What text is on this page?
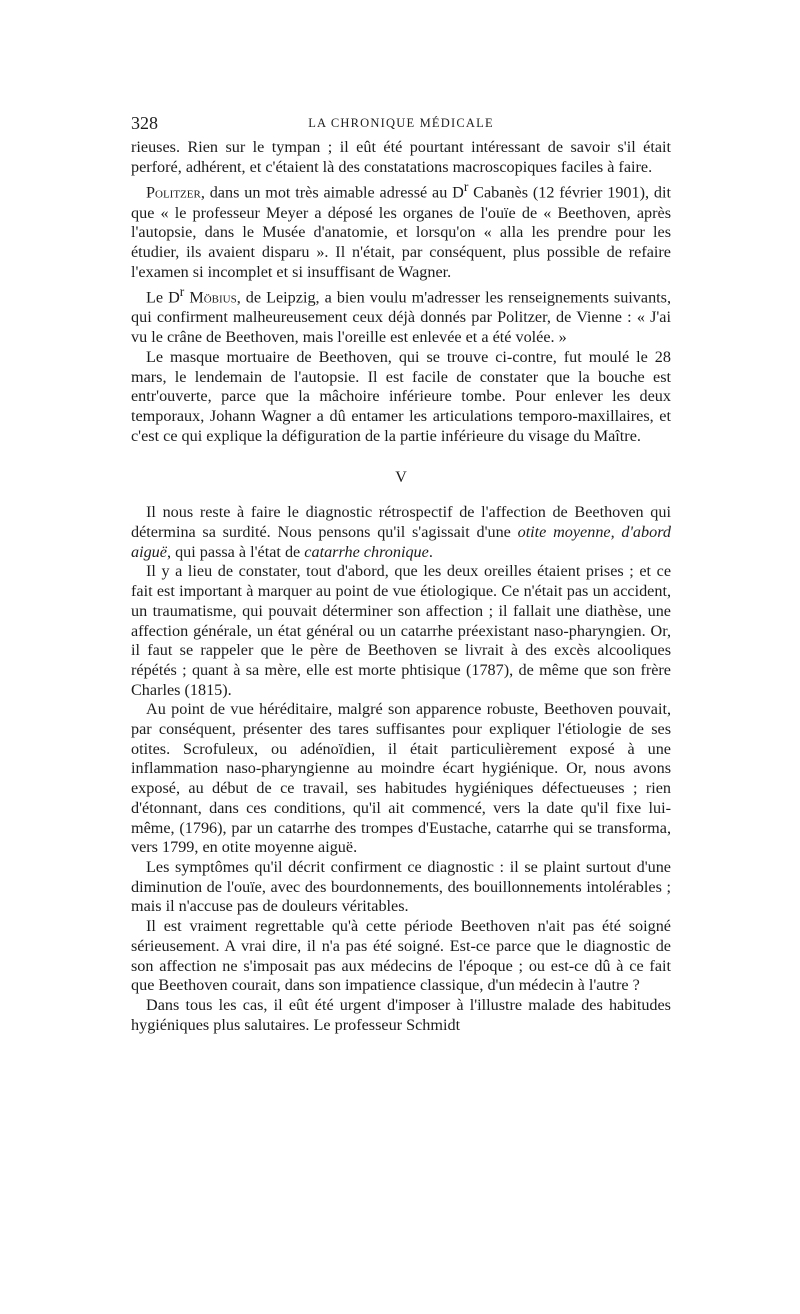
328	LA CHRONIQUE MÉDICALE

rieuses. Rien sur le tympan ; il eût été pourtant intéressant de savoir s'il était perforé, adhérent, et c'étaient là des constatations macroscopiques faciles à faire.

Politzer, dans un mot très aimable adressé au $D^r$ Cabanès (12 février 1901), dit que « le professeur Meyer a déposé les organes de l'ouïe de « Beethoven, après l'autopsie, dans le Musée d'anatomie, et lorsqu'on « alla les prendre pour les étudier, ils avaient disparu ». Il n'était, par conséquent, plus possible de refaire l'examen si incomplet et si insuffisant de Wagner.

Le $D^r$ Möbius, de Leipzig, a bien voulu m'adresser les renseignements suivants, qui confirment malheureusement ceux déjà donnés par Politzer, de Vienne : « J'ai vu le crâne de Beethoven, mais l'oreille est enlevée et a été volée. »

Le masque mortuaire de Beethoven, qui se trouve ci-contre, fut moulé le 28 mars, le lendemain de l'autopsie. Il est facile de constater que la bouche est entr'ouverte, parce que la mâchoire inférieure tombe. Pour enlever les deux temporaux, Johann Wagner a dû entamer les articulations temporo-maxillaires, et c'est ce qui explique la défiguration de la partie inférieure du visage du Maître.

V

Il nous reste à faire le diagnostic rétrospectif de l'affection de Beethoven qui détermina sa surdité. Nous pensons qu'il s'agissait d'une otite moyenne, d'abord aiguë, qui passa à l'état de catarrhe chronique.

Il y a lieu de constater, tout d'abord, que les deux oreilles étaient prises ; et ce fait est important à marquer au point de vue étiologique. Ce n'était pas un accident, un traumatisme, qui pouvait déterminer son affection ; il fallait une diathèse, une affection générale, un état général ou un catarrhe préexistant naso-pharyngien. Or, il faut se rappeler que le père de Beethoven se livrait à des excès alcooliques répétés ; quant à sa mère, elle est morte phtisique (1787), de même que son frère Charles (1815).

Au point de vue héréditaire, malgré son apparence robuste, Beethoven pouvait, par conséquent, présenter des tares suffisantes pour expliquer l'étiologie de ses otites. Scrofuleux, ou adénoïdien, il était particulièrement exposé à une inflammation naso-pharyngienne au moindre écart hygiénique. Or, nous avons exposé, au début de ce travail, ses habitudes hygiéniques défectueuses ; rien d'étonnant, dans ces conditions, qu'il ait commencé, vers la date qu'il fixe lui-même, (1796), par un catarrhe des trompes d'Eustache, catarrhe qui se transforma, vers 1799, en otite moyenne aiguë.

Les symptômes qu'il décrit confirment ce diagnostic : il se plaint surtout d'une diminution de l'ouïe, avec des bourdonnements, des bouillonnements intolérables ; mais il n'accuse pas de douleurs véritables.

Il est vraiment regrettable qu'à cette période Beethoven n'ait pas été soigné sérieusement. A vrai dire, il n'a pas été soigné. Est-ce parce que le diagnostic de son affection ne s'imposait pas aux médecins de l'époque ; ou est-ce dû à ce fait que Beethoven courait, dans son impatience classique, d'un médecin à l'autre ?

Dans tous les cas, il eût été urgent d'imposer à l'illustre malade des habitudes hygiéniques plus salutaires. Le professeur Schmidt
